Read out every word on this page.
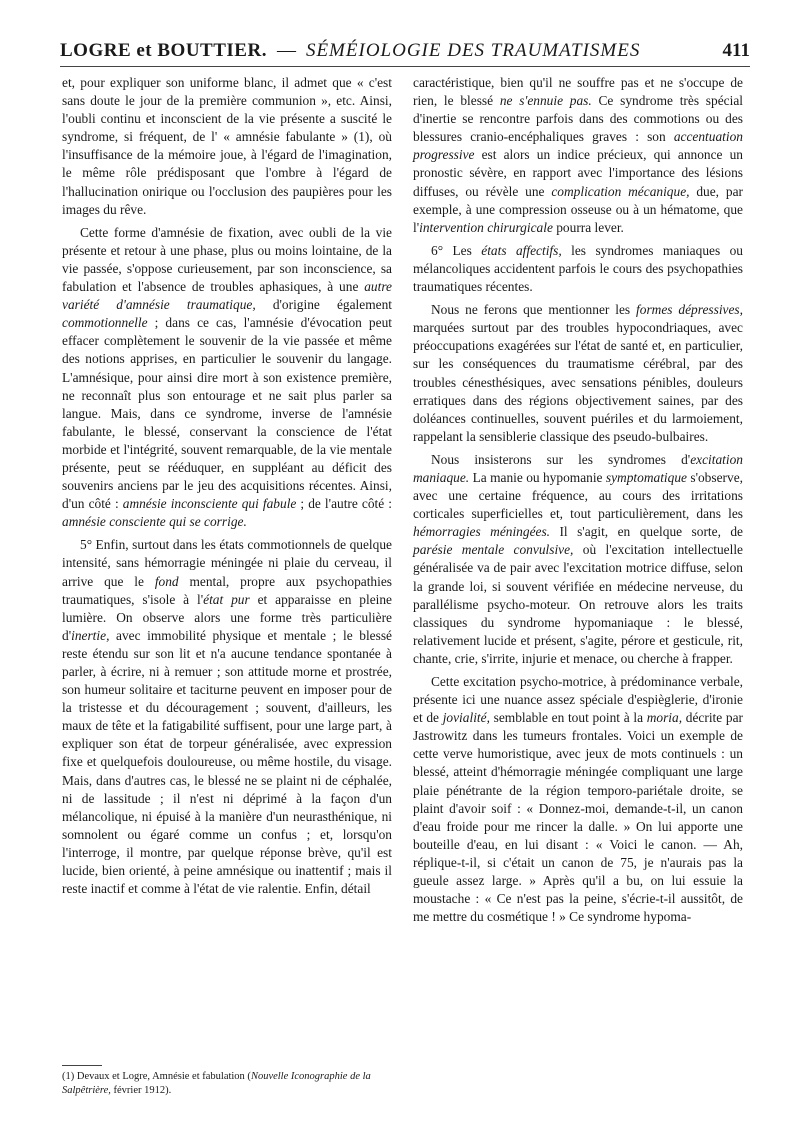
LOGRE et BOUTTIER. — SÉMÉIOLOGIE DES TRAUMATISMES	411

et, pour expliquer son uniforme blanc, il admet que « c'est sans doute le jour de la première communion », etc. Ainsi, l'oubli continu et inconscient de la vie présente a suscité le syndrome, si fréquent, de l' « amnésie fabulante » (1), où l'insuffisance de la mémoire joue, à l'égard de l'imagination, le même rôle prédisposant que l'ombre à l'égard de l'hallucination onirique ou l'occlusion des paupières pour les images du rêve.

Cette forme d'amnésie de fixation, avec oubli de la vie présente et retour à une phase, plus ou moins lointaine, de la vie passée, s'oppose curieusement, par son inconscience, sa fabulation et l'absence de troubles aphasiques, à une autre variété d'amnésie traumatique, d'origine également commotionnelle ; dans ce cas, l'amnésie d'évocation peut effacer complètement le souvenir de la vie passée et même des notions apprises, en particulier le souvenir du langage. L'amnésique, pour ainsi dire mort à son existence première, ne reconnaît plus son entourage et ne sait plus parler sa langue. Mais, dans ce syndrome, inverse de l'amnésie fabulante, le blessé, conservant la conscience de l'état morbide et l'intégrité, souvent remarquable, de la vie mentale présente, peut se rééduquer, en suppléant au déficit des souvenirs anciens par le jeu des acquisitions récentes. Ainsi, d'un côté : amnésie inconsciente qui fabule ; de l'autre côté : amnésie consciente qui se corrige.

5° Enfin, surtout dans les états commotionnels de quelque intensité, sans hémorragie méningée ni plaie du cerveau, il arrive que le fond mental, propre aux psychopathies traumatiques, s'isole à l'état pur et apparaisse en pleine lumière. On observe alors une forme très particulière d'inertie, avec immobilité physique et mentale ; le blessé reste étendu sur son lit et n'a aucune tendance spontanée à parler, à écrire, ni à remuer ; son attitude morne et prostrée, son humeur solitaire et taciturne peuvent en imposer pour de la tristesse et du découragement ; souvent, d'ailleurs, les maux de tête et la fatigabilité suffisent, pour une large part, à expliquer son état de torpeur généralisée, avec expression fixe et quelquefois douloureuse, ou même hostile, du visage. Mais, dans d'autres cas, le blessé ne se plaint ni de céphalée, ni de lassitude ; il n'est ni déprimé à la façon d'un mélancolique, ni épuisé à la manière d'un neurasthénique, ni somnolent ou égaré comme un confus ; et, lorsqu'on l'interroge, il montre, par quelque réponse brève, qu'il est lucide, bien orienté, à peine amnésique ou inattentif ; mais il reste inactif et comme à l'état de vie ralentie. Enfin, détail

caractéristique, bien qu'il ne souffre pas et ne s'occupe de rien, le blessé ne s'ennuie pas. Ce syndrome très spécial d'inertie se rencontre parfois dans des commotions ou des blessures cranio-encéphaliques graves : son accentuation progressive est alors un indice précieux, qui annonce un pronostic sévère, en rapport avec l'importance des lésions diffuses, ou révèle une complication mécanique, due, par exemple, à une compression osseuse ou à un hématome, que l'intervention chirurgicale pourra lever.

6° Les états affectifs, les syndromes maniaques ou mélancoliques accidentent parfois le cours des psychopathies traumatiques récentes.

Nous ne ferons que mentionner les formes dépressives, marquées surtout par des troubles hypocondriaques, avec préoccupations exagérées sur l'état de santé et, en particulier, sur les conséquences du traumatisme cérébral, par des troubles cénesthésiques, avec sensations pénibles, douleurs erratiques dans des régions objectivement saines, par des doléances continuelles, souvent puériles et du larmoiement, rappelant la sensiblerie classique des pseudo-bulbaires.

Nous insisterons sur les syndromes d'excitation maniaque. La manie ou hypomanie symptomatique s'observe, avec une certaine fréquence, au cours des irritations corticales superficielles et, tout particulièrement, dans les hémorragies méningées. Il s'agit, en quelque sorte, de parésie mentale convulsive, où l'excitation intellectuelle généralisée va de pair avec l'excitation motrice diffuse, selon la grande loi, si souvent vérifiée en médecine nerveuse, du parallélisme psycho-moteur. On retrouve alors les traits classiques du syndrome hypomaniaque : le blessé, relativement lucide et présent, s'agite, pérore et gesticule, rit, chante, crie, s'irrite, injurie et menace, ou cherche à frapper.

Cette excitation psycho-motrice, à prédominance verbale, présente ici une nuance assez spéciale d'espièglerie, d'ironie et de jovialité, semblable en tout point à la moria, décrite par Jastrowitz dans les tumeurs frontales. Voici un exemple de cette verve humoristique, avec jeux de mots continuels : un blessé, atteint d'hémorragie méningée compliquant une large plaie pénétrante de la région temporo-pariétale droite, se plaint d'avoir soif : « Donnez-moi, demande-t-il, un canon d'eau froide pour me rincer la dalle. » On lui apporte une bouteille d'eau, en lui disant : « Voici le canon. — Ah, réplique-t-il, si c'était un canon de 75, je n'aurais pas la gueule assez large. » Après qu'il a bu, on lui essuie la moustache : « Ce n'est pas la peine, s'écrie-t-il aussitôt, de me mettre du cosmétique ! » Ce syndrome hypoma-

(1) Devaux et Logre, Amnésie et fabulation (Nouvelle Iconographie de la Salpêtrière, février 1912).
